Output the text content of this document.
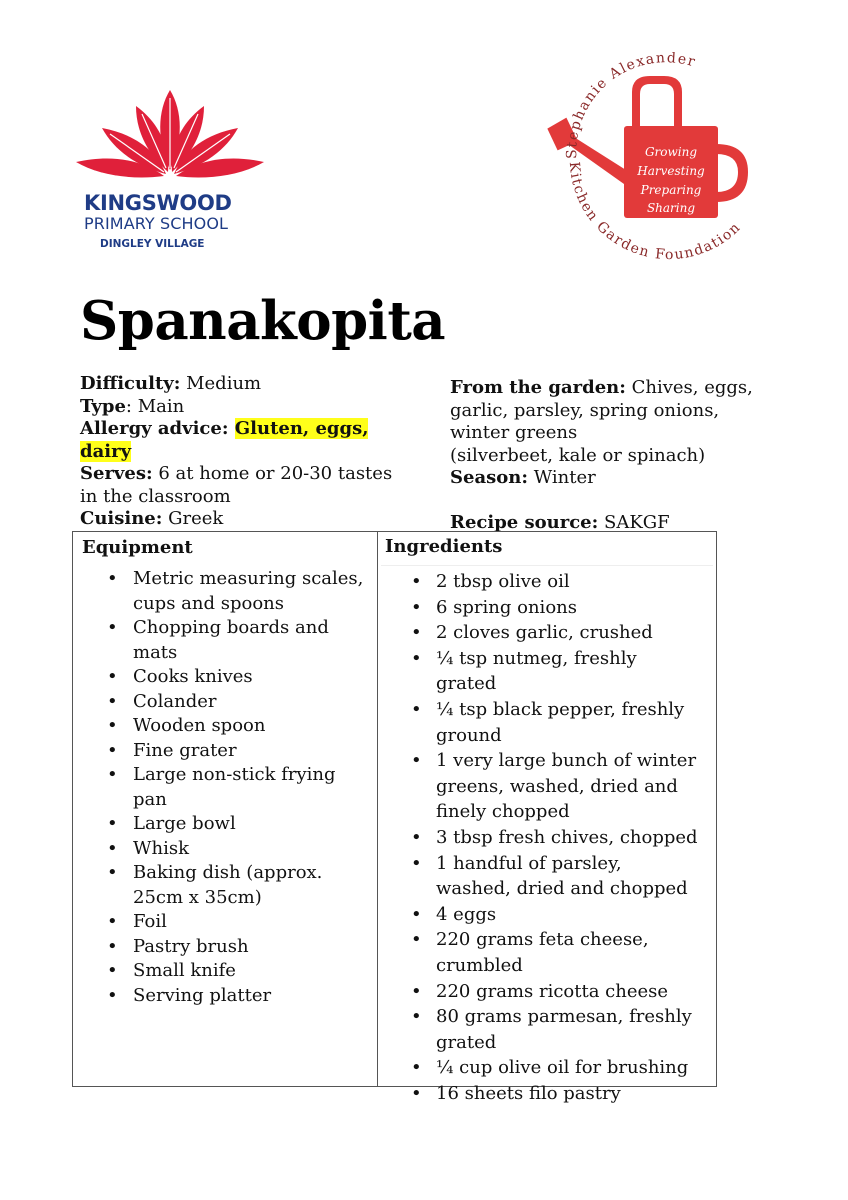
KINGSWOOD
PRIMARY SCHOOL
DINGLEY VILLAGE
Growing
Harvesting
Preparing
Sharing
Stephanie Alexander
Kitchen Garden Foundation
Spanakopita
Difficulty: Medium
Type: Main
Allergy advice: Gluten, eggs,
dairy
Serves: 6 at home or 20-30 tastes
in the classroom
Cuisine: Greek
From the garden: Chives, eggs,
garlic, parsley, spring onions,
winter greens
(silverbeet, kale or spinach)
Season: Winter

Recipe source: SAKGF
Equipment	Ingredients
• Metric measuring scales, cups and spoons
• Chopping boards and mats
• Cooks knives
• Colander
• Wooden spoon
• Fine grater
• Large non-stick frying pan
• Large bowl
• Whisk
• Baking dish (approx. 25cm x 35cm)
• Foil
• Pastry brush
• Small knife
• Serving platter
• 2 tbsp olive oil
• 6 spring onions
• 2 cloves garlic, crushed
• ¼ tsp nutmeg, freshly grated
• ¼ tsp black pepper, freshly ground
• 1 very large bunch of winter greens, washed, dried and finely chopped
• 3 tbsp fresh chives, chopped
• 1 handful of parsley, washed, dried and chopped
• 4 eggs
• 220 grams feta cheese, crumbled
• 220 grams ricotta cheese
• 80 grams parmesan, freshly grated
• ¼ cup olive oil for brushing
• 16 sheets filo pastry
